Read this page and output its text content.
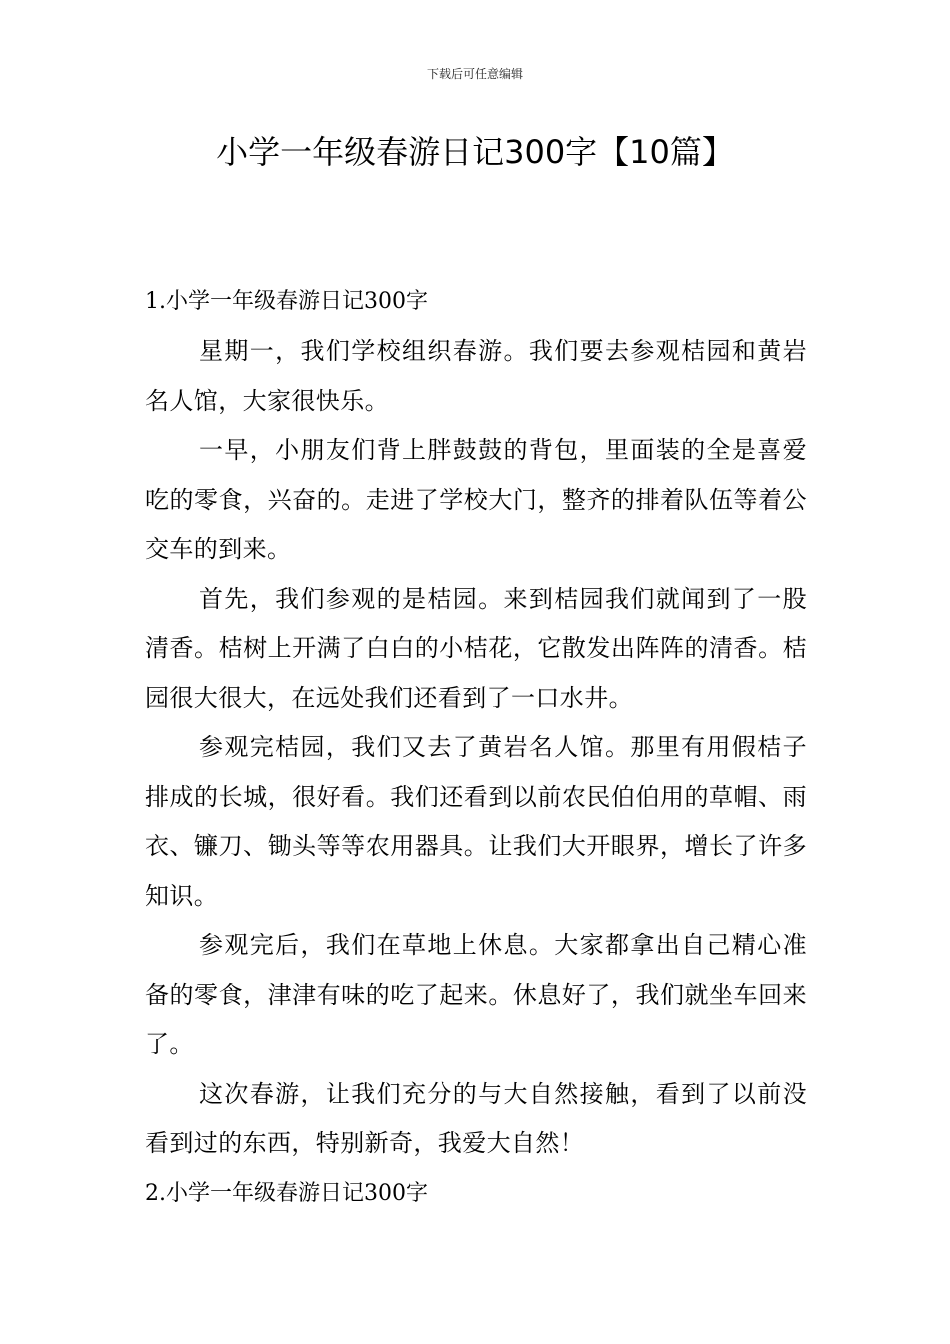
下载后可任意编辑
小学一年级春游日记300字【10篇】
1.小学一年级春游日记300字

星期一，我们学校组织春游。我们要去参观桔园和黄岩名人馆，大家很快乐。

一早，小朋友们背上胖鼓鼓的背包，里面装的全是喜爱吃的零食，兴奋的。走进了学校大门，整齐的排着队伍等着公交车的到来。

首先，我们参观的是桔园。来到桔园我们就闻到了一股清香。桔树上开满了白白的小桔花，它散发出阵阵的清香。桔园很大很大，在远处我们还看到了一口水井。

参观完桔园，我们又去了黄岩名人馆。那里有用假桔子排成的长城，很好看。我们还看到以前农民伯伯用的草帽、雨衣、镰刀、锄头等等农用器具。让我们大开眼界，增长了许多知识。

参观完后，我们在草地上休息。大家都拿出自己精心准备的零食，津津有味的吃了起来。休息好了，我们就坐车回来了。

这次春游，让我们充分的与大自然接触，看到了以前没看到过的东西，特别新奇，我爱大自然！

2.小学一年级春游日记300字
